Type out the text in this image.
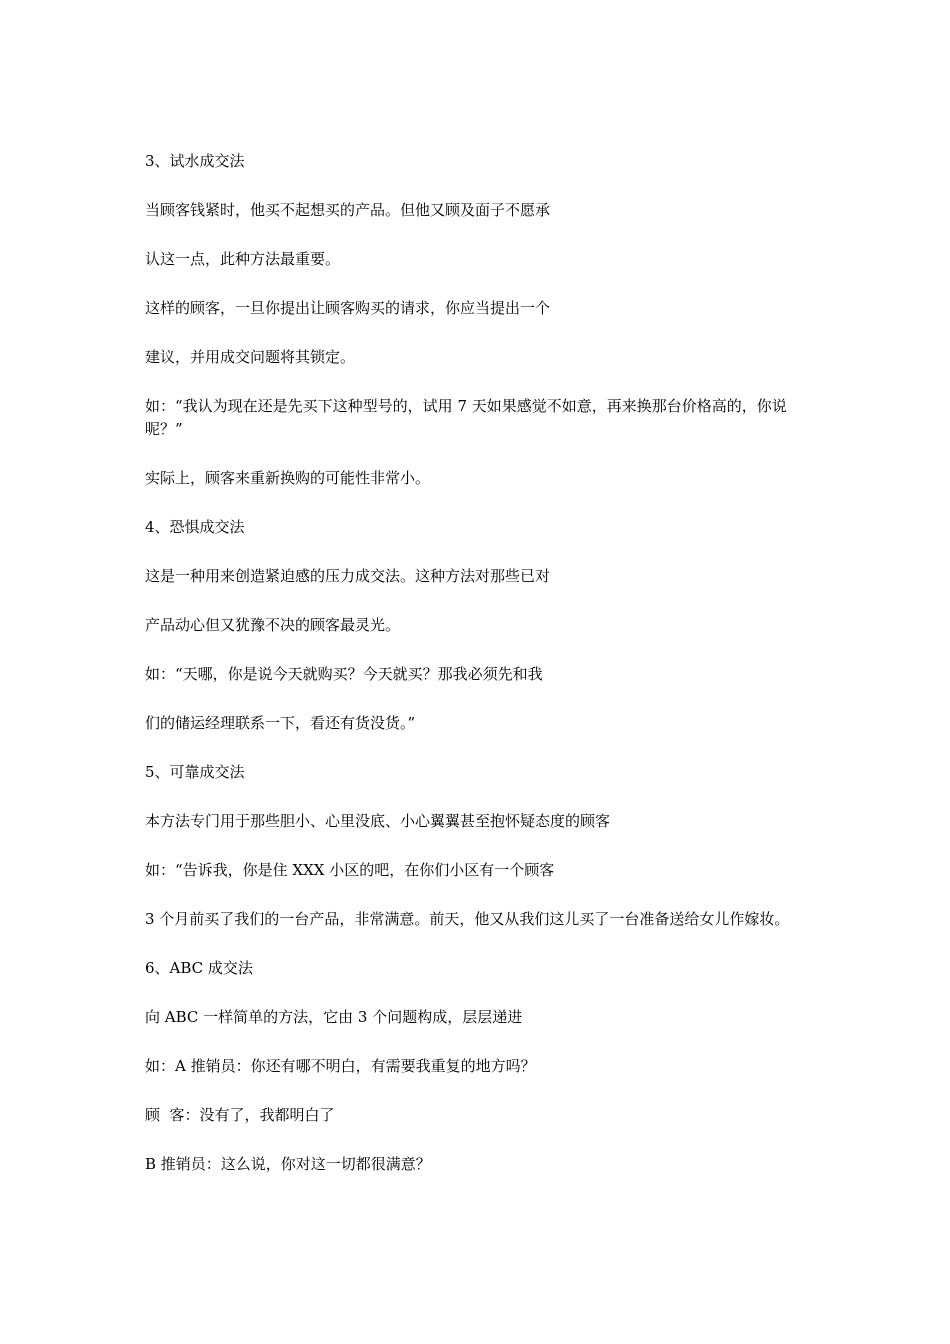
3、试水成交法

当顾客钱紧时，他买不起想买的产品。但他又顾及面子不愿承

认这一点，此种方法最重要。

这样的顾客，一旦你提出让顾客购买的请求，你应当提出一个

建议，并用成交问题将其锁定。

如：“我认为现在还是先买下这种型号的，试用 7 天如果感觉不如意，再来换那台价格高的，你说呢？”

实际上，顾客来重新换购的可能性非常小。

4、恐惧成交法

这是一种用来创造紧迫感的压力成交法。这种方法对那些已对

产品动心但又犹豫不决的顾客最灵光。

如：“天哪，你是说今天就购买？今天就买？那我必须先和我

们的储运经理联系一下，看还有货没货。”

5、可靠成交法

本方法专门用于那些胆小、心里没底、小心翼翼甚至抱怀疑态度的顾客

如：“告诉我，你是住 XXX 小区的吧，在你们小区有一个顾客

3 个月前买了我们的一台产品，非常满意。前天，他又从我们这儿买了一台准备送给女儿作嫁妆。

6、ABC 成交法

向 ABC 一样简单的方法，它由 3 个问题构成，层层递进

如：A 推销员：你还有哪不明白，有需要我重复的地方吗？

顾  客：没有了，我都明白了

B 推销员：这么说，你对这一切都很满意？
